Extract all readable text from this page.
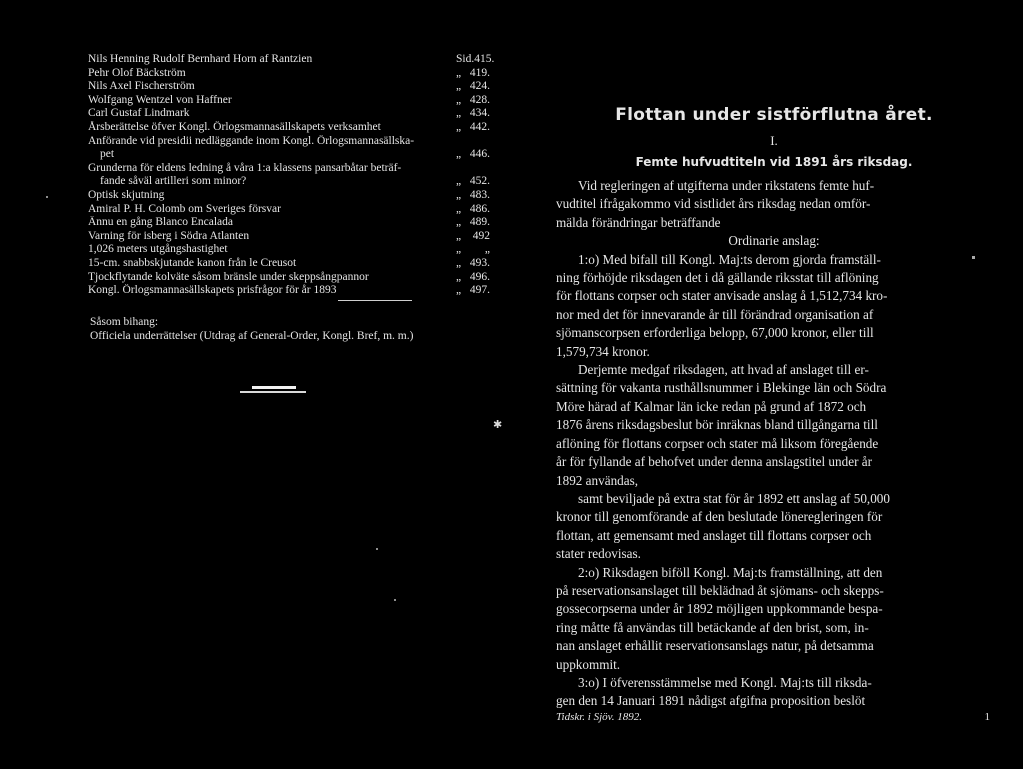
Nils Henning Rudolf Bernhard Horn af Rantzien	Sid. 415.
Pehr Olof Bäckström	„ 419.
Nils Axel Fischerström	„ 424.
Wolfgang Wentzel von Haffner	„ 428.
Carl Gustaf Lindmark	„ 434.
Årsberättelse öfver Kongl. Örlogsmannasällskapets verksamhet	„ 442.
Anförande vid presidii nedläggande inom Kongl. Örlogsmannasällska-
pet	„ 446.
Grunderna för eldens ledning å våra 1:a klassens pansarbåtar beträf-
fande såväl artilleri som minor?	„ 452.
Optisk skjutning	„ 483.
Amiral P. H. Colomb om Sveriges försvar	„ 486.
Ännu en gång Blanco Encalada	„ 489.
Varning för isberg i Södra Atlanten	„ 492
1,026 meters utgångshastighet	„ „
15-cm. snabbskjutande kanon från le Creusot	„ 493.
Tjockflytande kolväte såsom bränsle under skeppsångpannor	„ 496.
Kongl. Örlogsmannasällskapets prisfrågor för år 1893	„ 497.
Såsom bihang:
Officiela underrättelser (Utdrag af General-Order, Kongl. Bref, m. m.)
Flottan under sistförflutna året.
I.
Femte hufvudtiteln vid 1891 års riksdag.

Vid regleringen af utgifterna under rikstatens femte huf-

vudtitel ifrågakommo vid sistlidet års riksdag nedan omför-

mälda förändringar beträffande

Ordinarie anslag:

1:o) Med bifall till Kongl. Maj:ts derom gjorda framställ-

ning förhöjde riksdagen det i då gällande riksstat till aflöning

för flottans corpser och stater anvisade anslag å 1,512,734 kro-

nor med det för innevarande år till förändrad organisation af

sjömanscorpsen erforderliga belopp, 67,000 kronor, eller till

1,579,734 kronor.

Derjemte medgaf riksdagen, att hvad af anslaget till er-

sättning för vakanta rusthållsnummer i Blekinge län och Södra

Möre härad af Kalmar län icke redan på grund af 1872 och

1876 årens riksdagsbeslut bör inräknas bland tillgångarna till

aflöning för flottans corpser och stater må liksom föregående

år för fyllande af behofvet under denna anslagstitel under år

1892 användas,

samt beviljade på extra stat för år 1892 ett anslag af 50,000

kronor till genomförande af den beslutade löneregleringen för

flottan, att gemensamt med anslaget till flottans corpser och

stater redovisas.

2:o) Riksdagen biföll Kongl. Maj:ts framställning, att den

på reservationsanslaget till beklädnad åt sjömans- och skepps-

gossecorpserna under år 1892 möjligen uppkommande bespa-

ring måtte få användas till betäckande af den brist, som, in-

nan anslaget erhållit reservationsanslags natur, på detsamma

uppkommit.

3:o) I öfverensstämmelse med Kongl. Maj:ts till riksda-

gen den 14 Januari 1891 nådigst afgifna proposition beslöt

Tidskr. i Sjöv. 1892.	1
✱
